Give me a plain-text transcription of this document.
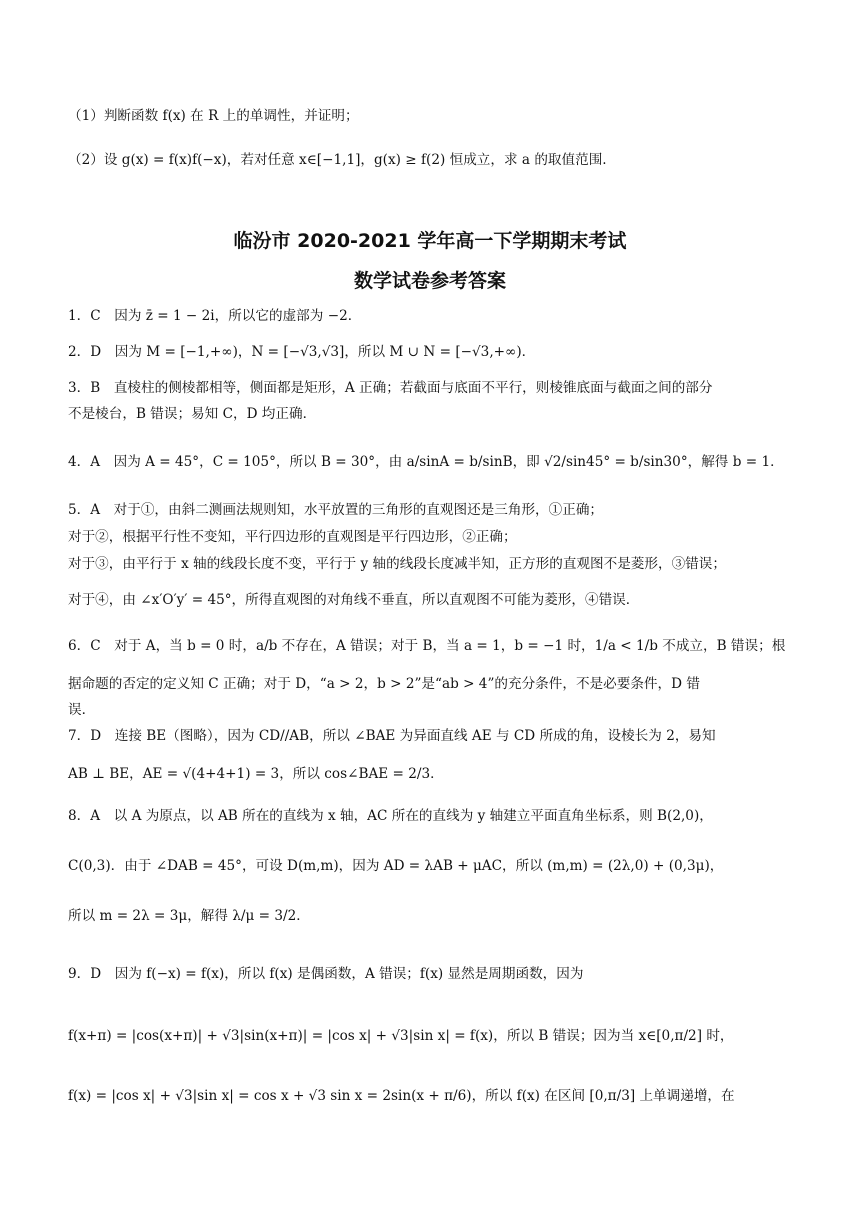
（1）判断函数 f(x) 在 R 上的单调性，并证明；
（2）设 g(x) = f(x)f(−x)，若对任意 x∈[−1,1]，g(x) ≥ f(2) 恒成立，求 a 的取值范围.
临汾市 2020-2021 学年高一下学期期末考试
数学试卷参考答案
1．C　因为 z̄ = 1 − 2i，所以它的虚部为 −2．
2．D　因为 M = [−1,+∞)，N = [−√3,√3]，所以 M ∪ N = [−√3,+∞)．
3．B　直棱柱的侧棱都相等，侧面都是矩形，A 正确；若截面与底面不平行，则棱锥底面与截面之间的部分
不是棱台，B 错误；易知 C，D 均正确．
4．A　因为 A = 45°，C = 105°，所以 B = 30°，由 a/sinA = b/sinB，即 √2/sin45° = b/sin30°，解得 b = 1．
5．A　对于①，由斜二测画法规则知，水平放置的三角形的直观图还是三角形，①正确；
对于②，根据平行性不变知，平行四边形的直观图是平行四边形，②正确；
对于③，由平行于 x 轴的线段长度不变，平行于 y 轴的线段长度减半知，正方形的直观图不是菱形，③错误；
对于④，由 ∠x′O′y′ = 45°，所得直观图的对角线不垂直，所以直观图不可能为菱形，④错误．
6．C　对于 A，当 b = 0 时，a/b 不存在，A 错误；对于 B，当 a = 1，b = −1 时，1/a < 1/b 不成立，B 错误；根
据命题的否定的定义知 C 正确；对于 D，“a > 2，b > 2”是“ab > 4”的充分条件，不是必要条件，D 错
误．
7．D　连接 BE（图略），因为 CD//AB，所以 ∠BAE 为异面直线 AE 与 CD 所成的角，设棱长为 2，易知
AB ⊥ BE，AE = √(4+4+1) = 3，所以 cos∠BAE = 2/3．
8．A　以 A 为原点，以 AB 所在的直线为 x 轴，AC 所在的直线为 y 轴建立平面直角坐标系，则 B(2,0)，
C(0,3)．由于 ∠DAB = 45°，可设 D(m,m)，因为 AD = λAB + μAC，所以 (m,m) = (2λ,0) + (0,3μ)，
所以 m = 2λ = 3μ，解得 λ/μ = 3/2．
9．D　因为 f(−x) = f(x)，所以 f(x) 是偶函数，A 错误；f(x) 显然是周期函数，因为
f(x+π) = |cos(x+π)| + √3|sin(x+π)| = |cos x| + √3|sin x| = f(x)，所以 B 错误；因为当 x∈[0,π/2] 时，
f(x) = |cos x| + √3|sin x| = cos x + √3 sin x = 2sin(x + π/6)，所以 f(x) 在区间 [0,π/3] 上单调递增，在
